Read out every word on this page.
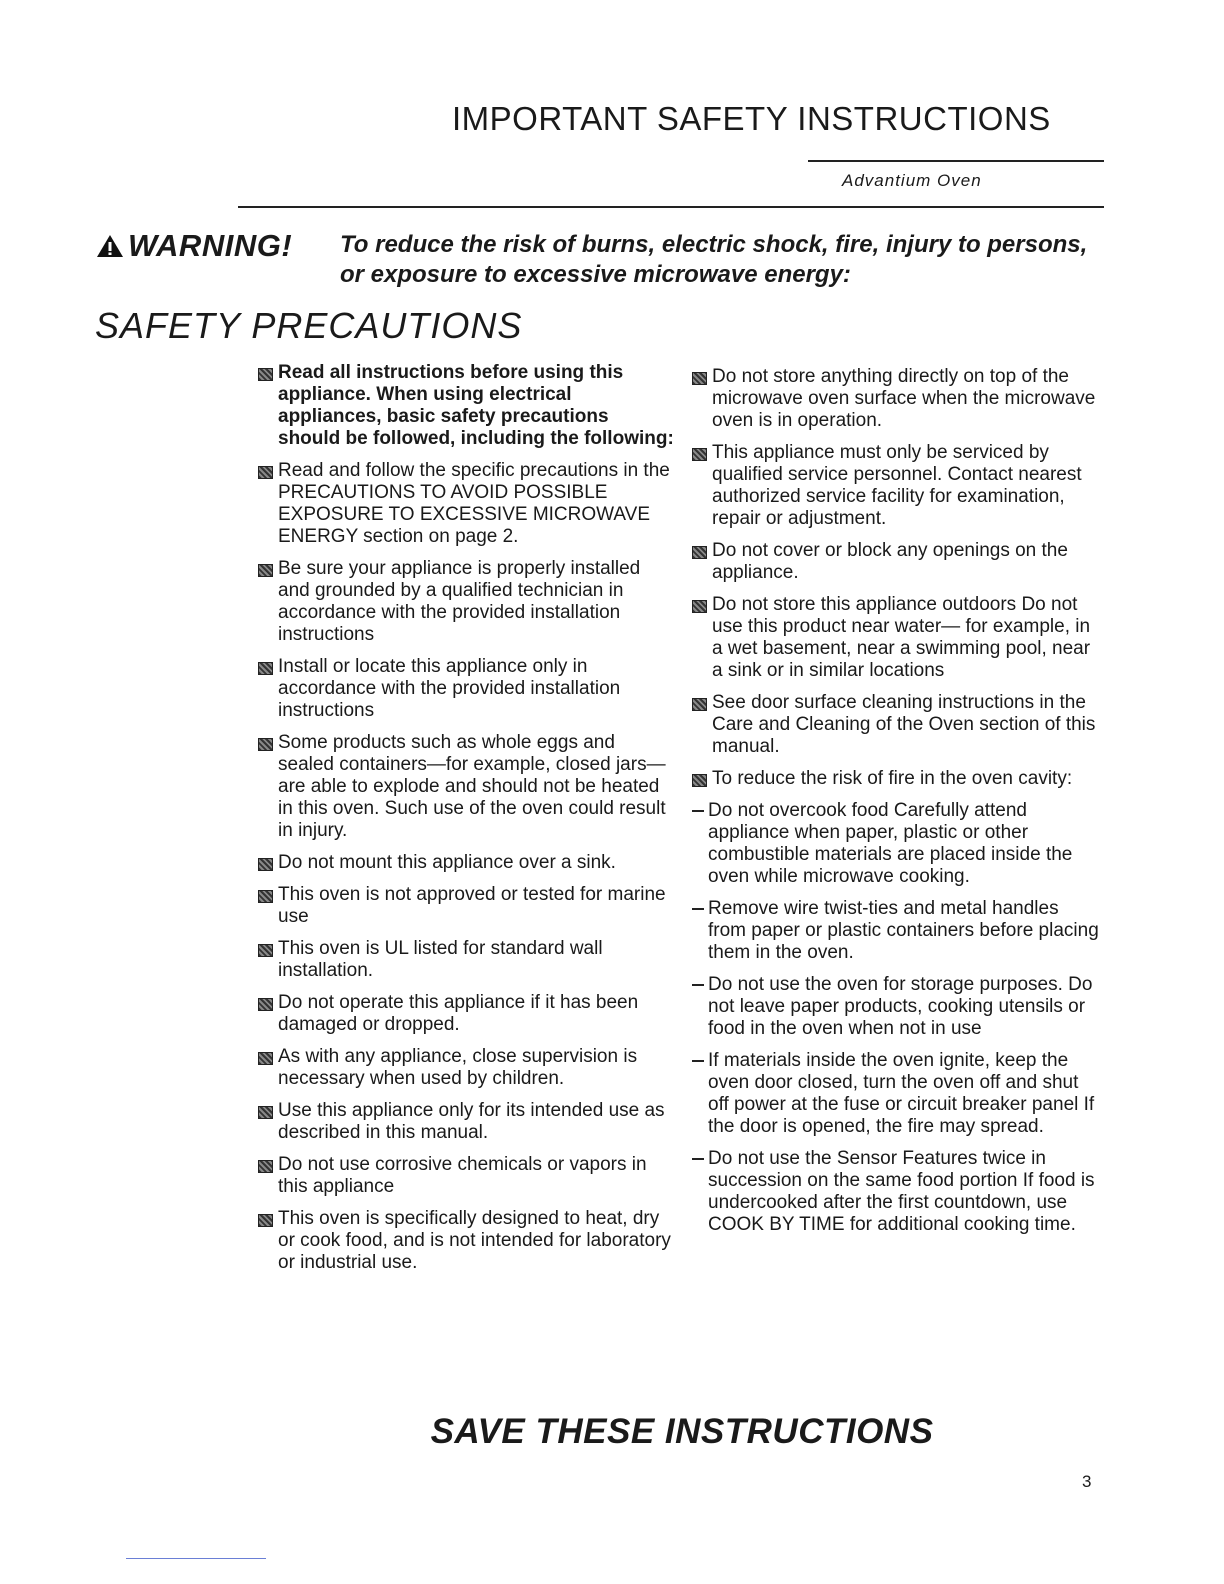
IMPORTANT SAFETY INSTRUCTIONS
Advantium Oven
WARNING! To reduce the risk of burns, electric shock, fire, injury to persons, or exposure to excessive microwave energy:
SAFETY PRECAUTIONS

Read all instructions before using this appliance. When using electrical appliances, basic safety precautions should be followed, including the following:

Read and follow the specific precautions in the PRECAUTIONS TO AVOID POSSIBLE EXPOSURE TO EXCESSIVE MICROWAVE ENERGY section on page 2.

Be sure your appliance is properly installed and grounded by a qualified technician in accordance with the provided installation instructions

Install or locate this appliance only in accordance with the provided installation instructions

Some products such as whole eggs and sealed containers—for example, closed jars—are able to explode and should not be heated in this oven. Such use of the oven could result in injury.

Do not mount this appliance over a sink.

This oven is not approved or tested for marine use

This oven is UL listed for standard wall installation.

Do not operate this appliance if it has been damaged or dropped.

As with any appliance, close supervision is necessary when used by children.

Use this appliance only for its intended use as described in this manual.

Do not use corrosive chemicals or vapors in this appliance

This oven is specifically designed to heat, dry or cook food, and is not intended for laboratory or industrial use.

Do not store anything directly on top of the microwave oven surface when the microwave oven is in operation.

This appliance must only be serviced by qualified service personnel. Contact nearest authorized service facility for examination, repair or adjustment.

Do not cover or block any openings on the appliance.

Do not store this appliance outdoors Do not use this product near water— for example, in a wet basement, near a swimming pool, near a sink or in similar locations

See door surface cleaning instructions in the Care and Cleaning of the Oven section of this manual.

To reduce the risk of fire in the oven cavity:

Do not overcook food Carefully attend appliance when paper, plastic or other combustible materials are placed inside the oven while microwave cooking.

Remove wire twist-ties and metal handles from paper or plastic containers before placing them in the oven.

Do not use the oven for storage purposes. Do not leave paper products, cooking utensils or food in the oven when not in use

If materials inside the oven ignite, keep the oven door closed, turn the oven off and shut off power at the fuse or circuit breaker panel If the door is opened, the fire may spread.

Do not use the Sensor Features twice in succession on the same food portion If food is undercooked after the first countdown, use COOK BY TIME for additional cooking time.

SAVE THESE INSTRUCTIONS
3
